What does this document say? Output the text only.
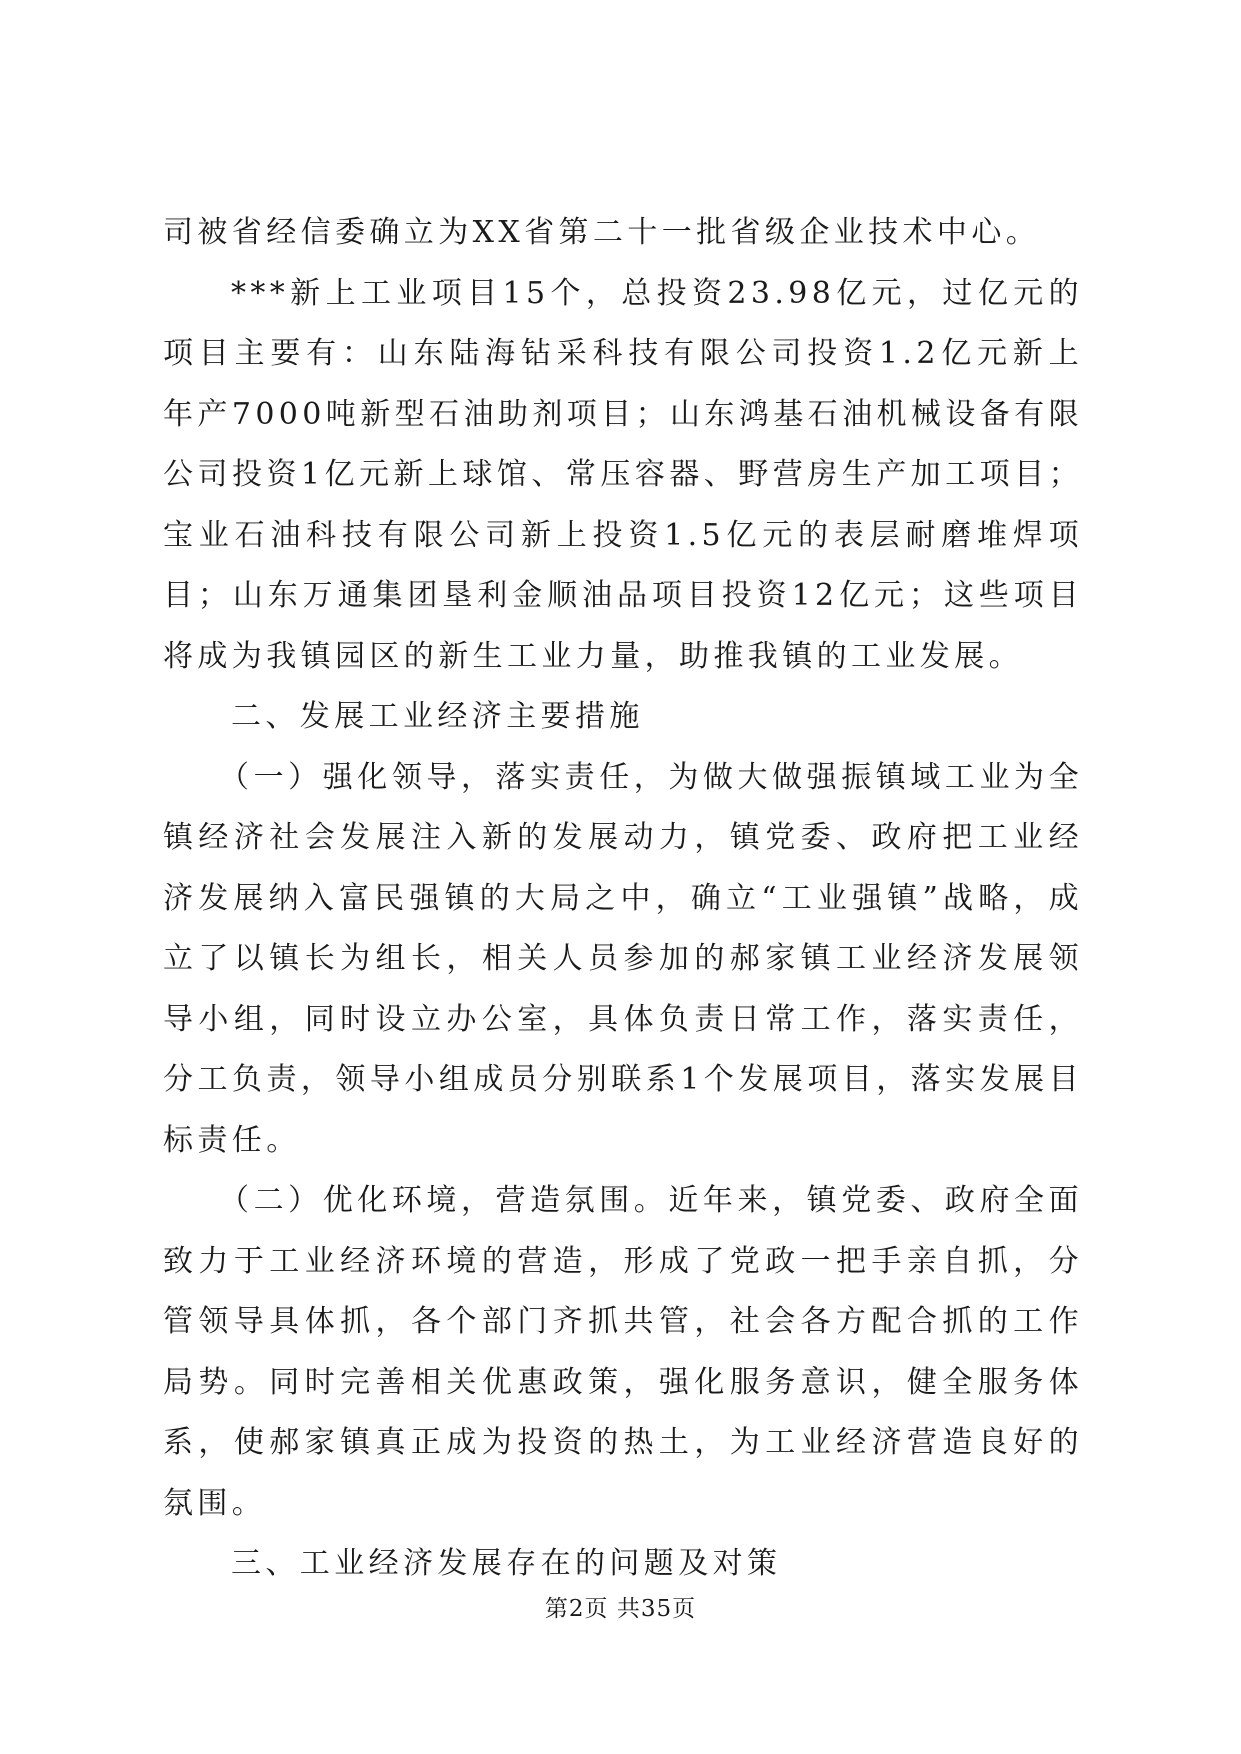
司被省经信委确立为XX省第二十一批省级企业技术中心。

***新上工业项目15个，总投资23.98亿元，过亿元的项目主要有：山东陆海钻采科技有限公司投资1.2亿元新上年产7000吨新型石油助剂项目；山东鸿基石油机械设备有限公司投资1亿元新上球馆、常压容器、野营房生产加工项目；宝业石油科技有限公司新上投资1.5亿元的表层耐磨堆焊项目；山东万通集团垦利金顺油品项目投资12亿元；这些项目将成为我镇园区的新生工业力量，助推我镇的工业发展。

二、发展工业经济主要措施

（一）强化领导，落实责任，为做大做强振镇域工业为全镇经济社会发展注入新的发展动力，镇党委、政府把工业经济发展纳入富民强镇的大局之中，确立“工业强镇”战略，成立了以镇长为组长，相关人员参加的郝家镇工业经济发展领导小组，同时设立办公室，具体负责日常工作，落实责任，分工负责，领导小组成员分别联系1个发展项目，落实发展目标责任。

（二）优化环境，营造氛围。近年来，镇党委、政府全面致力于工业经济环境的营造，形成了党政一把手亲自抓，分管领导具体抓，各个部门齐抓共管，社会各方配合抓的工作局势。同时完善相关优惠政策，强化服务意识，健全服务体系，使郝家镇真正成为投资的热土，为工业经济营造良好的氛围。

三、工业经济发展存在的问题及对策

第2页 共35页
